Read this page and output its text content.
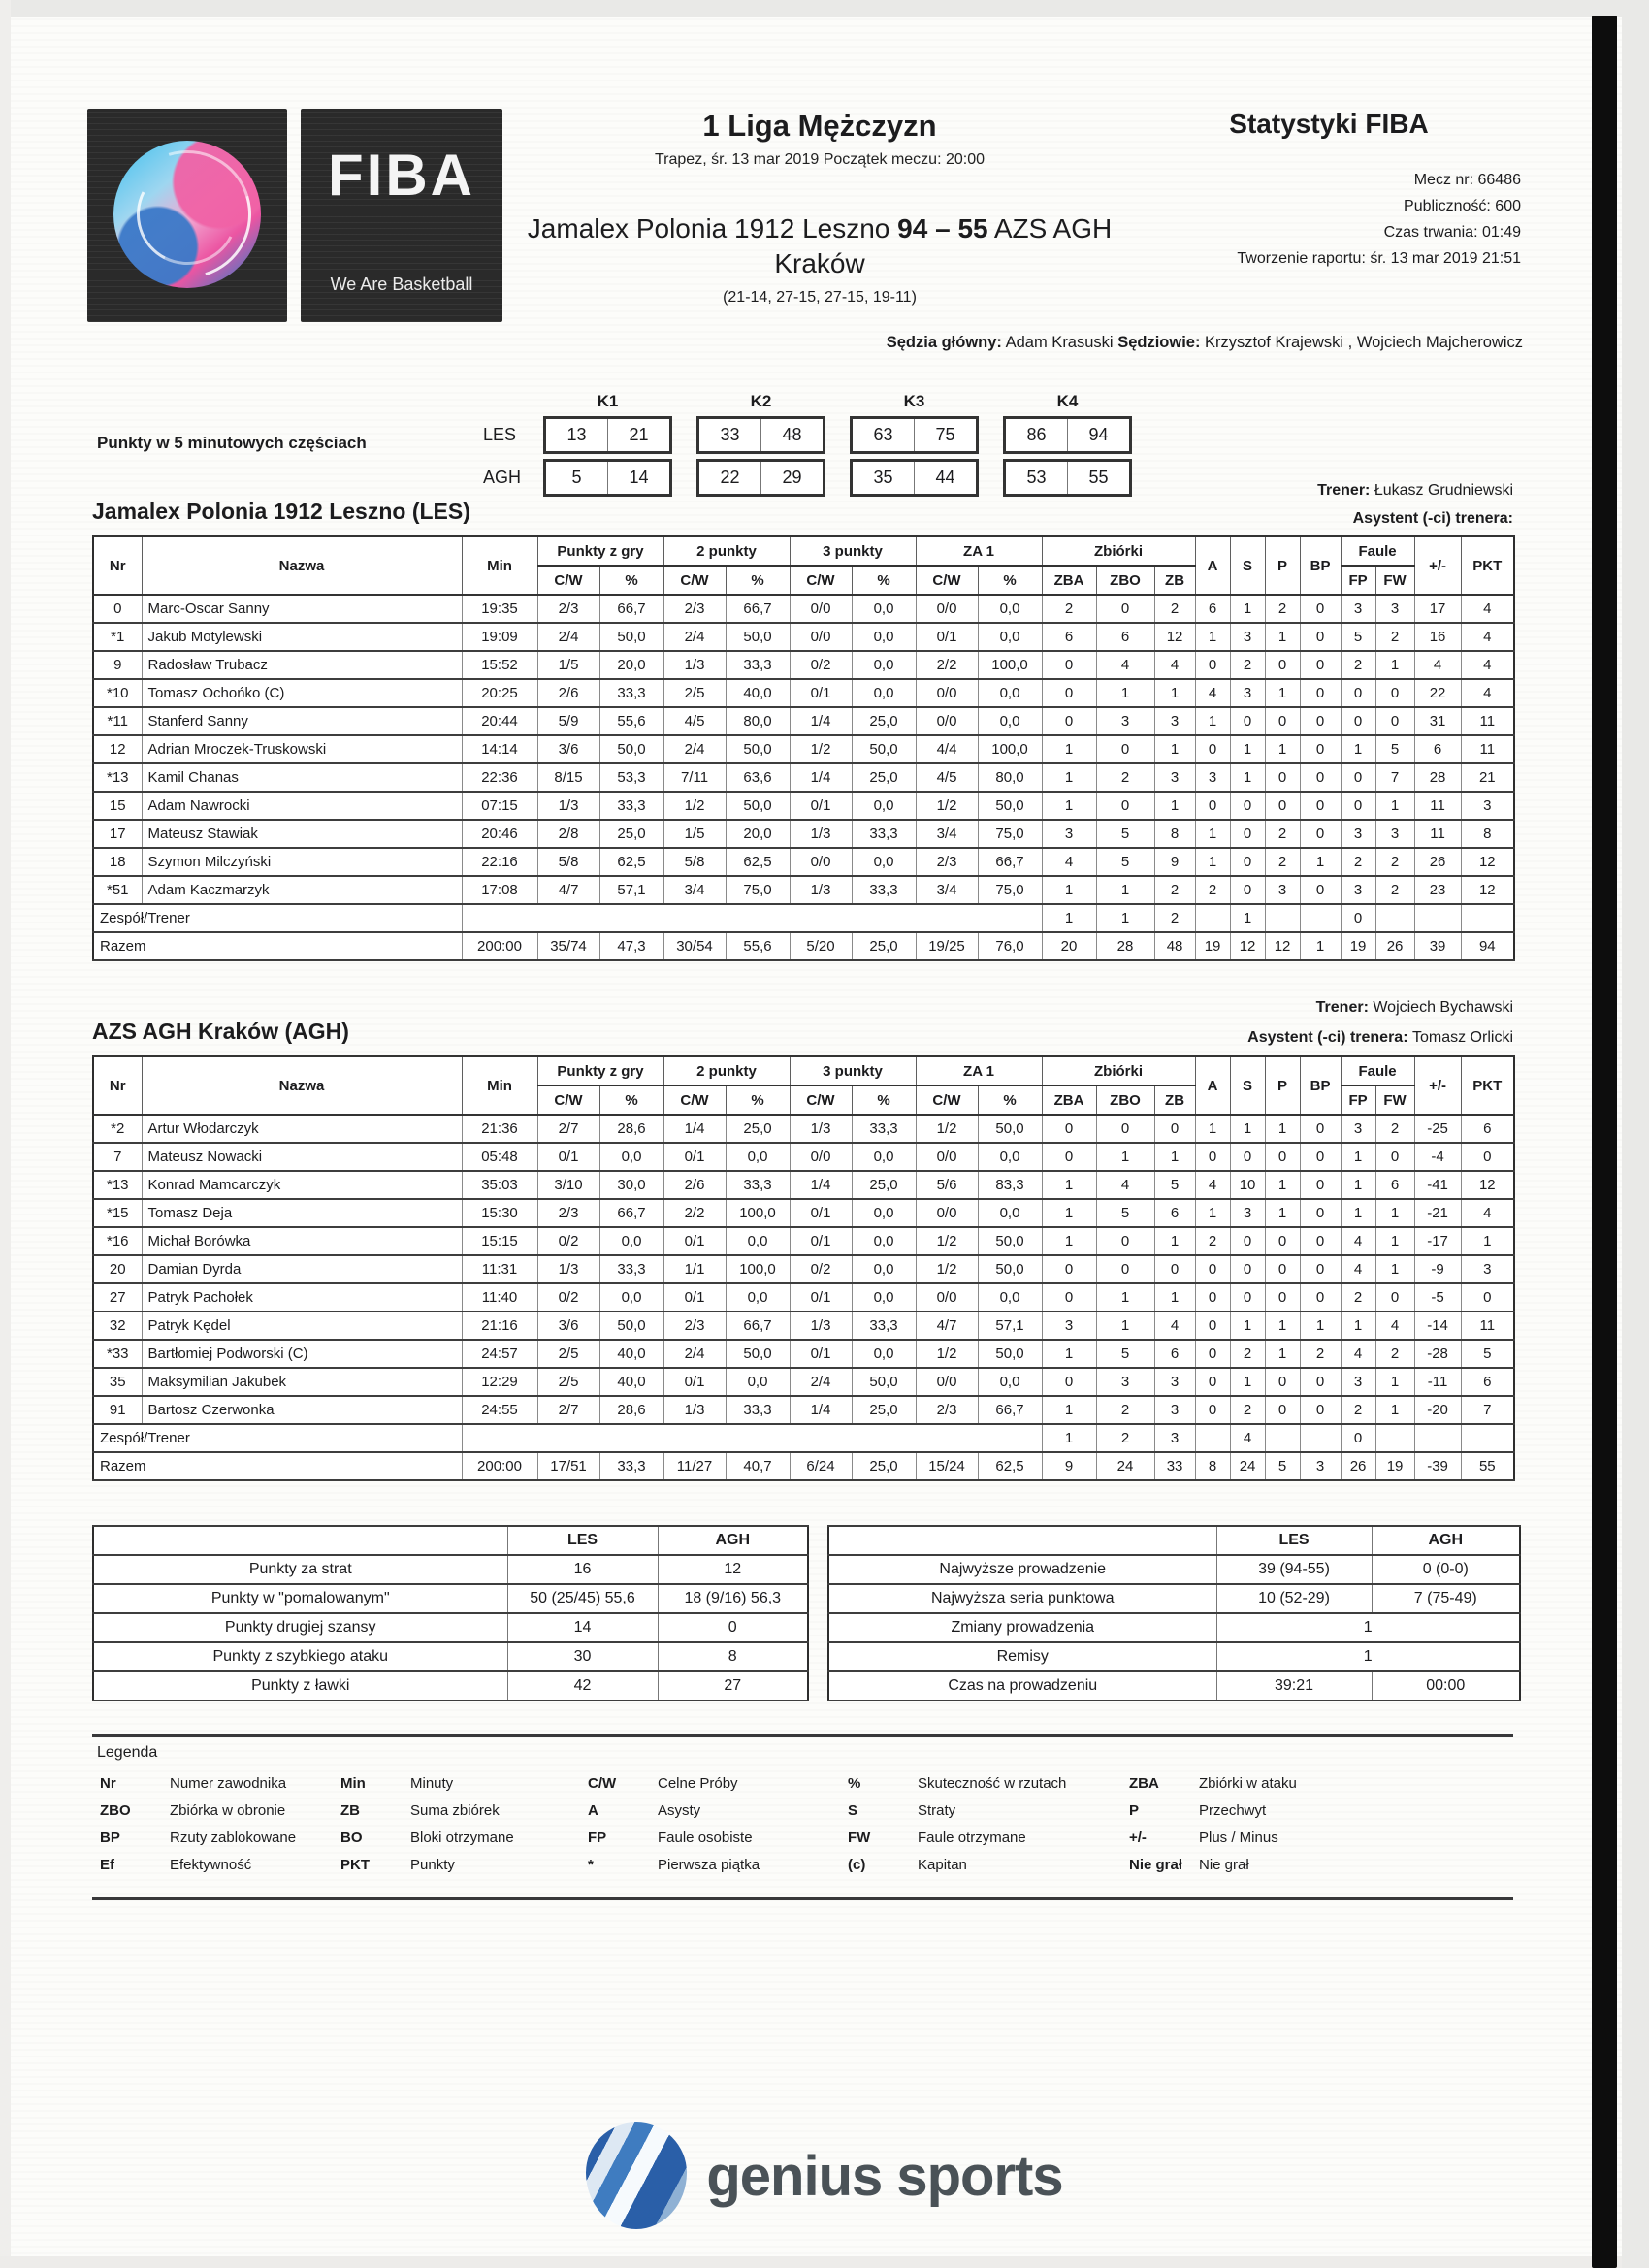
FIBA
We Are Basketball
1 Liga Mężczyzn
Trapez, śr. 13 mar 2019 Początek meczu: 20:00
Jamalex Polonia 1912 Leszno 94 – 55 AZS AGH
Kraków
(21-14, 27-15, 27-15, 19-11)
Statystyki FIBA
Mecz nr: 66486
Publiczność: 600
Czas trwania: 01:49
Tworzenie raportu: śr. 13 mar 2019 21:51
Sędzia główny: Adam Krasuski Sędziowie: Krzysztof Krajewski , Wojciech Majcherowicz
Punkty w 5 minutowych częściach
K1	K2	K3	K4
LES	13	21	33	48	63	75	86	94
AGH	5	14	22	29	35	44	53	55
Trener: Łukasz Grudniewski
Jamalex Polonia 1912 Leszno (LES)	Asystent (-ci) trenera:
Nr	Nazwa	Min	Punkty z gry		2 punkty		3 punkty		ZA 1		Zbiórki			A	S	P	BP	Faule		+/-	PKT
			C/W	%	C/W	%	C/W	%	C/W	%	ZBA	ZBO	ZB					FP	FW		
0	Marc-Oscar Sanny	19:35	2/3	66,7	2/3	66,7	0/0	0,0	0/0	0,0	2	0	2	6	1	2	0	3	3	17	4
*1	Jakub Motylewski	19:09	2/4	50,0	2/4	50,0	0/0	0,0	0/1	0,0	6	6	12	1	3	1	0	5	2	16	4
9	Radosław Trubacz	15:52	1/5	20,0	1/3	33,3	0/2	0,0	2/2	100,0	0	4	4	0	2	0	0	2	1	4	4
*10	Tomasz Ochońko (C)	20:25	2/6	33,3	2/5	40,0	0/1	0,0	0/0	0,0	0	1	1	4	3	1	0	0	0	22	4
*11	Stanferd Sanny	20:44	5/9	55,6	4/5	80,0	1/4	25,0	0/0	0,0	0	3	3	1	0	0	0	0	0	31	11
12	Adrian Mroczek-Truskowski	14:14	3/6	50,0	2/4	50,0	1/2	50,0	4/4	100,0	1	0	1	0	1	1	0	1	5	6	11
*13	Kamil Chanas	22:36	8/15	53,3	7/11	63,6	1/4	25,0	4/5	80,0	1	2	3	3	1	0	0	0	7	28	21
15	Adam Nawrocki	07:15	1/3	33,3	1/2	50,0	0/1	0,0	1/2	50,0	1	0	1	0	0	0	0	0	1	11	3
17	Mateusz Stawiak	20:46	2/8	25,0	1/5	20,0	1/3	33,3	3/4	75,0	3	5	8	1	0	2	0	3	3	11	8
18	Szymon Milczyński	22:16	5/8	62,5	5/8	62,5	0/0	0,0	2/3	66,7	4	5	9	1	0	2	1	2	2	26	12
*51	Adam Kaczmarzyk	17:08	4/7	57,1	3/4	75,0	1/3	33,3	3/4	75,0	1	1	2	2	0	3	0	3	2	23	12
Zespół/Trener											1	1	2		1			0			
Razem		200:00	35/74	47,3	30/54	55,6	5/20	25,0	19/25	76,0	20	28	48	19	12	12	1	19	26	39	94
Trener: Wojciech Bychawski
AZS AGH Kraków (AGH)	Asystent (-ci) trenera: Tomasz Orlicki
Nr	Nazwa	Min	Punkty z gry		2 punkty		3 punkty		ZA 1		Zbiórki			A	S	P	BP	Faule		+/-	PKT
			C/W	%	C/W	%	C/W	%	C/W	%	ZBA	ZBO	ZB					FP	FW		
*2	Artur Włodarczyk	21:36	2/7	28,6	1/4	25,0	1/3	33,3	1/2	50,0	0	0	0	1	1	1	0	3	2	-25	6
7	Mateusz Nowacki	05:48	0/1	0,0	0/1	0,0	0/0	0,0	0/0	0,0	0	1	1	0	0	0	0	1	0	-4	0
*13	Konrad Mamcarczyk	35:03	3/10	30,0	2/6	33,3	1/4	25,0	5/6	83,3	1	4	5	4	10	1	0	1	6	-41	12
*15	Tomasz Deja	15:30	2/3	66,7	2/2	100,0	0/1	0,0	0/0	0,0	1	5	6	1	3	1	0	1	1	-21	4
*16	Michał Borówka	15:15	0/2	0,0	0/1	0,0	0/1	0,0	1/2	50,0	1	0	1	2	0	0	0	4	1	-17	1
20	Damian Dyrda	11:31	1/3	33,3	1/1	100,0	0/2	0,0	1/2	50,0	0	0	0	0	0	0	0	4	1	-9	3
27	Patryk Pachołek	11:40	0/2	0,0	0/1	0,0	0/1	0,0	0/0	0,0	0	1	1	0	0	0	0	2	0	-5	0
32	Patryk Kędel	21:16	3/6	50,0	2/3	66,7	1/3	33,3	4/7	57,1	3	1	4	0	1	1	1	1	4	-14	11
*33	Bartłomiej Podworski (C)	24:57	2/5	40,0	2/4	50,0	0/1	0,0	1/2	50,0	1	5	6	0	2	1	2	4	2	-28	5
35	Maksymilian Jakubek	12:29	2/5	40,0	0/1	0,0	2/4	50,0	0/0	0,0	0	3	3	0	1	0	0	3	1	-11	6
91	Bartosz Czerwonka	24:55	2/7	28,6	1/3	33,3	1/4	25,0	2/3	66,7	1	2	3	0	2	0	0	2	1	-20	7
Zespół/Trener											1	2	3		4			0			
Razem		200:00	17/51	33,3	11/27	40,7	6/24	25,0	15/24	62,5	9	24	33	8	24	5	3	26	19	-39	55
	LES	AGH
Punkty za strat	16	12
Punkty w "pomalowanym"	50 (25/45) 55,6	18 (9/16) 56,3
Punkty drugiej szansy	14	0
Punkty z szybkiego ataku	30	8
Punkty z ławki	42	27
	LES	AGH
Najwyższe prowadzenie	39 (94-55)	0 (0-0)
Najwyższa seria punktowa	10 (52-29)	7 (75-49)
Zmiany prowadzenia	1	
Remisy	1	
Czas na prowadzeniu	39:21	00:00
Legenda
Nr	Numer zawodnika
ZBO	Zbiórka w obronie
BP	Rzuty zablokowane
Ef	Efektywność
Min	Minuty
ZB	Suma zbiórek
BO	Bloki otrzymane
PKT	Punkty
C/W	Celne Próby
A	Asysty
FP	Faule osobiste
*	Pierwsza piątka
%	Skuteczność w rzutach
S	Straty
FW	Faule otrzymane
(c)	Kapitan
ZBA	Zbiórki w ataku
P	Przechwyt
+/-	Plus / Minus
Nie grał	Nie grał
genius sports
